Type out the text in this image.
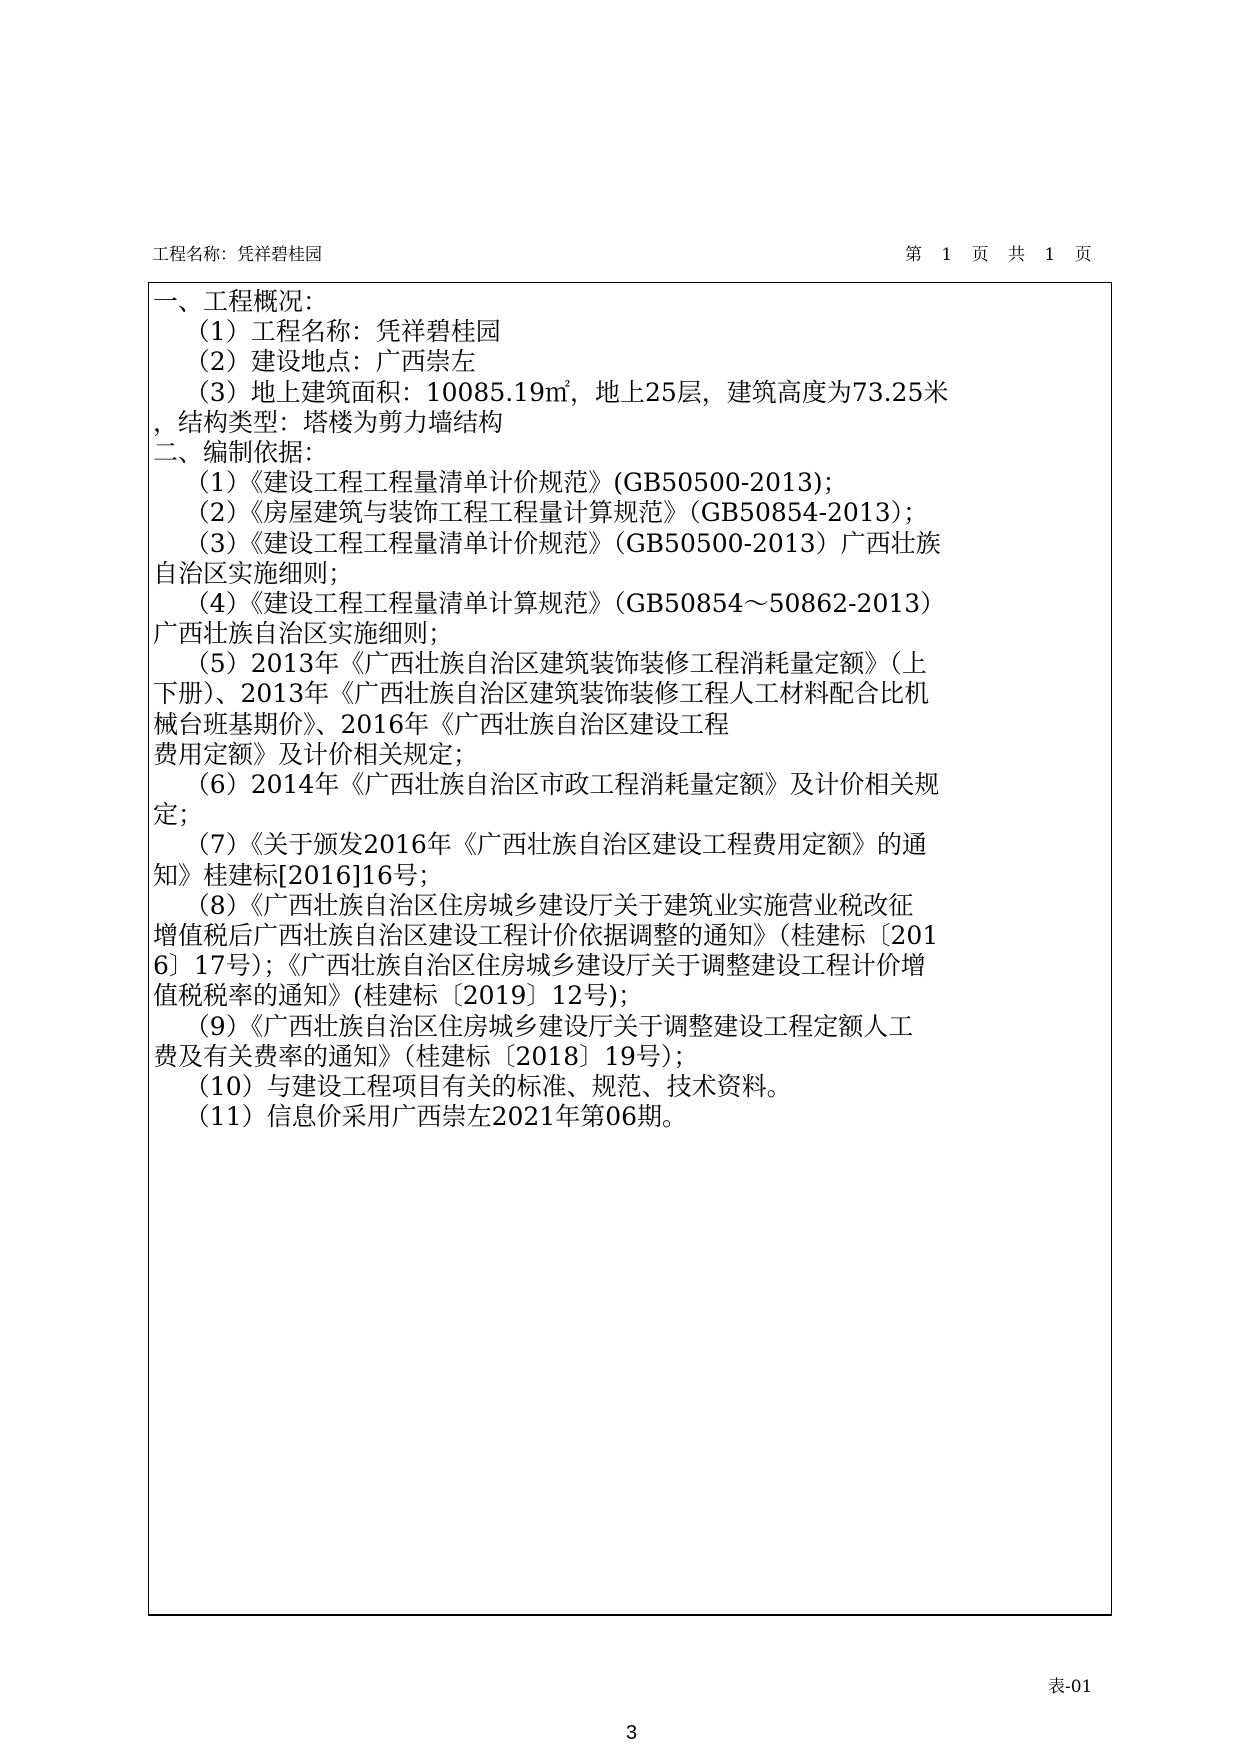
工程名称：凭祥碧桂园	第 1 页 共 1 页
一、工程概况：
（1）工程名称：凭祥碧桂园
（2）建设地点：广西崇左
（3）地上建筑面积：10085.19㎡，地上25层，建筑高度为73.25米
，结构类型：塔楼为剪力墙结构
二、编制依据：
（1）《建设工程工程量清单计价规范》(GB50500-2013)；
（2）《房屋建筑与装饰工程工程量计算规范》（GB50854-2013）；
（3）《建设工程工程量清单计价规范》（GB50500-2013）广西壮族
自治区实施细则；
（4）《建设工程工程量清单计算规范》（GB50854～50862-2013）
广西壮族自治区实施细则；
（5）2013年《广西壮族自治区建筑装饰装修工程消耗量定额》（上
下册）、2013年《广西壮族自治区建筑装饰装修工程人工材料配合比机
械台班基期价》、2016年《广西壮族自治区建设工程
费用定额》及计价相关规定；
（6）2014年《广西壮族自治区市政工程消耗量定额》及计价相关规
定；
（7）《关于颁发2016年《广西壮族自治区建设工程费用定额》的通
知》桂建标[2016]16号；
（8）《广西壮族自治区住房城乡建设厅关于建筑业实施营业税改征
增值税后广西壮族自治区建设工程计价依据调整的通知》（桂建标〔201
6〕17号）；《广西壮族自治区住房城乡建设厅关于调整建设工程计价增
值税税率的通知》(桂建标〔2019〕12号)；
（9）《广西壮族自治区住房城乡建设厅关于调整建设工程定额人工
费及有关费率的通知》（桂建标〔2018〕19号）；
（10）与建设工程项目有关的标准、规范、技术资料。
（11）信息价采用广西崇左2021年第06期。
表-01
3
